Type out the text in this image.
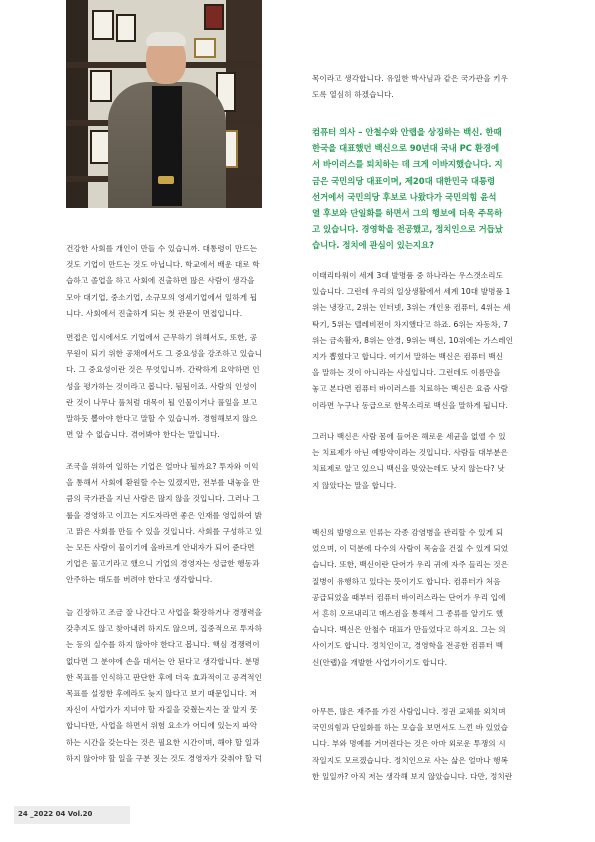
건강한 사회를 개인이 만들 수 있습니까. 대통령이 만드는
것도 기업이 만드는 것도 아닙니다. 학교에서 배운 대로 학
습하고 졸업을 하고 사회에 진출하면 많은 사람이 생각을
모아 대기업, 중소기업, 소규모의 영세기업에서 일하게 됩
니다. 사회에서 진출하게 되는 첫 관문이 면접입니다.
면접은 입시에서도 기업에서 근무하기 위해서도, 또한, 공
무원이 되기 위한 공채에서도 그 중요성을 강조하고 있습니
다. 그 중요성이란 것은 무엇입니까. 간략하게 요약하면 인
성을 평가하는 것이라고 봅니다. 됨됨이죠. 사람의 인성이
란 것이 나무나 풀처럼 대목이 될 인물이거나 풀잎을 보고
말하듯 뽑아야 한다고 말할 수 있습니까. 경험해보지 않으
면 알 수 없습니다. 겪어봐야 한다는 말입니다.
조국을 위하여 일하는 기업은 얼마나 될까요? 투자와 이익
을 통해서 사회에 환원할 수는 있겠지만, 전부를 내놓을 만
큼의 국가관을 지닌 사람은 많지 않을 것입니다. 그러나 그
룹을 경영하고 이끄는 지도자라면 좋은 인재를 영입하여 밝
고 맑은 사회를 만들 수 있을 것입니다. 사회를 구성하고 있
는 모든 사람이 물이기에 올바르게 안내자가 되어 준다면
기업은 물고기라고 했으니 기업의 경영자는 성급한 행동과
안주하는 태도를 버려야 한다고 생각합니다.
늘 긴장하고 조금 잘 나간다고 사업을 확장하거나 경쟁력을
갖추지도 않고 찾아내려 하지도 않으며, 집중적으로 투자하
는 등의 실수를 하지 않아야 한다고 봅니다. 핵심 경쟁력이
없다면 그 분야에 손을 대서는 안 된다고 생각합니다. 분명
한 목표를 인식하고 판단한 후에 더욱 효과적이고 공격적인
목표를 설정한 후에라도 늦지 않다고 보기 때문입니다. 저
자신이 사업가가 지녀야 할 자질을 갖췄는지는 잘 알지 못
합니다만, 사업을 하면서 위험 요소가 어디에 있는지 파악
하는 시간을 갖는다는 것은 필요한 시간이며, 해야 할 일과
하지 않아야 할 일을 구분 짓는 것도 경영자가 갖춰야 할 덕
목이라고 생각합니다. 유일한 박사님과 같은 국가관을 키우
도록 열심히 하겠습니다.
컴퓨터 의사 – 안철수와 안랩을 상징하는 백신. 한때
한국을 대표했던 백신으로 90년대 국내 PC 환경에
서 바이러스를 퇴치하는 데 크게 이바지했습니다. 지
금은 국민의당 대표이며, 제20대 대한민국 대통령
선거에서 국민의당 후보로 나왔다가 국민의힘 윤석
열 후보와 단일화를 하면서 그의 행보에 더욱 주목하
고 있습니다. 경영학을 전공했고, 정치인으로 거듭났
습니다. 정치에 관심이 있는지요?
이태리타워이 세계 3대 발명품 중 하나라는 우스갯소리도
있습니다. 그런데 우리의 일상생활에서 세계 10대 발명품 1
위는 냉장고, 2위는 인터넷, 3위는 개인용 컴퓨터, 4위는 세
탁기, 5위는 텔레비전이 차지했다고 하죠. 6위는 자동차, 7
위는 금속활자, 8위는 안경, 9위는 백신, 10위에는 가스레인
지가 뽑혔다고 합니다. 여기서 말하는 백신은 컴퓨터 백신
을 말하는 것이 아니라는 사실입니다. 그런데도 이름만을
놓고 본다면 컴퓨터 바이러스를 치료하는 백신은 요즘 사람
이라면 누구나 동급으로 한목소리로 백신을 말하게 됩니다.
그러나 백신은 사람 몸에 들어온 해로운 세균을 없앨 수 있
는 치료제가 아닌 예방약이라는 것입니다. 사람들 대부분은
치료제로 알고 있으니 백신을 맞았는데도 낫지 않는다? 낫
지 않았다는 말을 합니다.
백신의 발명으로 인류는 각종 감염병을 관리할 수 있게 되
었으며, 이 덕분에 다수의 사람이 목숨을 건질 수 있게 되었
습니다. 또한, 백신이란 단어가 우리 귀에 자주 들리는 것은
질병이 유행하고 있다는 뜻이기도 합니다. 컴퓨터가 처음
공급되었을 때부터 컴퓨터 바이러스라는 단어가 우리 입에
서 흔히 오르내리고 매스컴을 통해서 그 종류를 알기도 했
습니다. 백신은 안철수 대표가 만들었다고 하지요. 그는 의
사이기도 합니다. 정치인이고, 경영학을 전공한 컴퓨터 백
신(안랩)을 개발한 사업가이기도 합니다.
아무튼, 많은 재주를 가진 사람입니다. 정권 교체를 외치며
국민의힘과 단일화를 하는 모습을 보면서도 느낀 바 있었습
니다. 부와 명예를 거머쥔다는 것은 아마 외로운 투쟁의 시
작일지도 모르겠습니다. 정치인으로 사는 삶은 얼마나 행복
한 일일까? 아직 저는 생각해 보지 않았습니다. 다만, 정치란
24 _2022 04 Vol.20
